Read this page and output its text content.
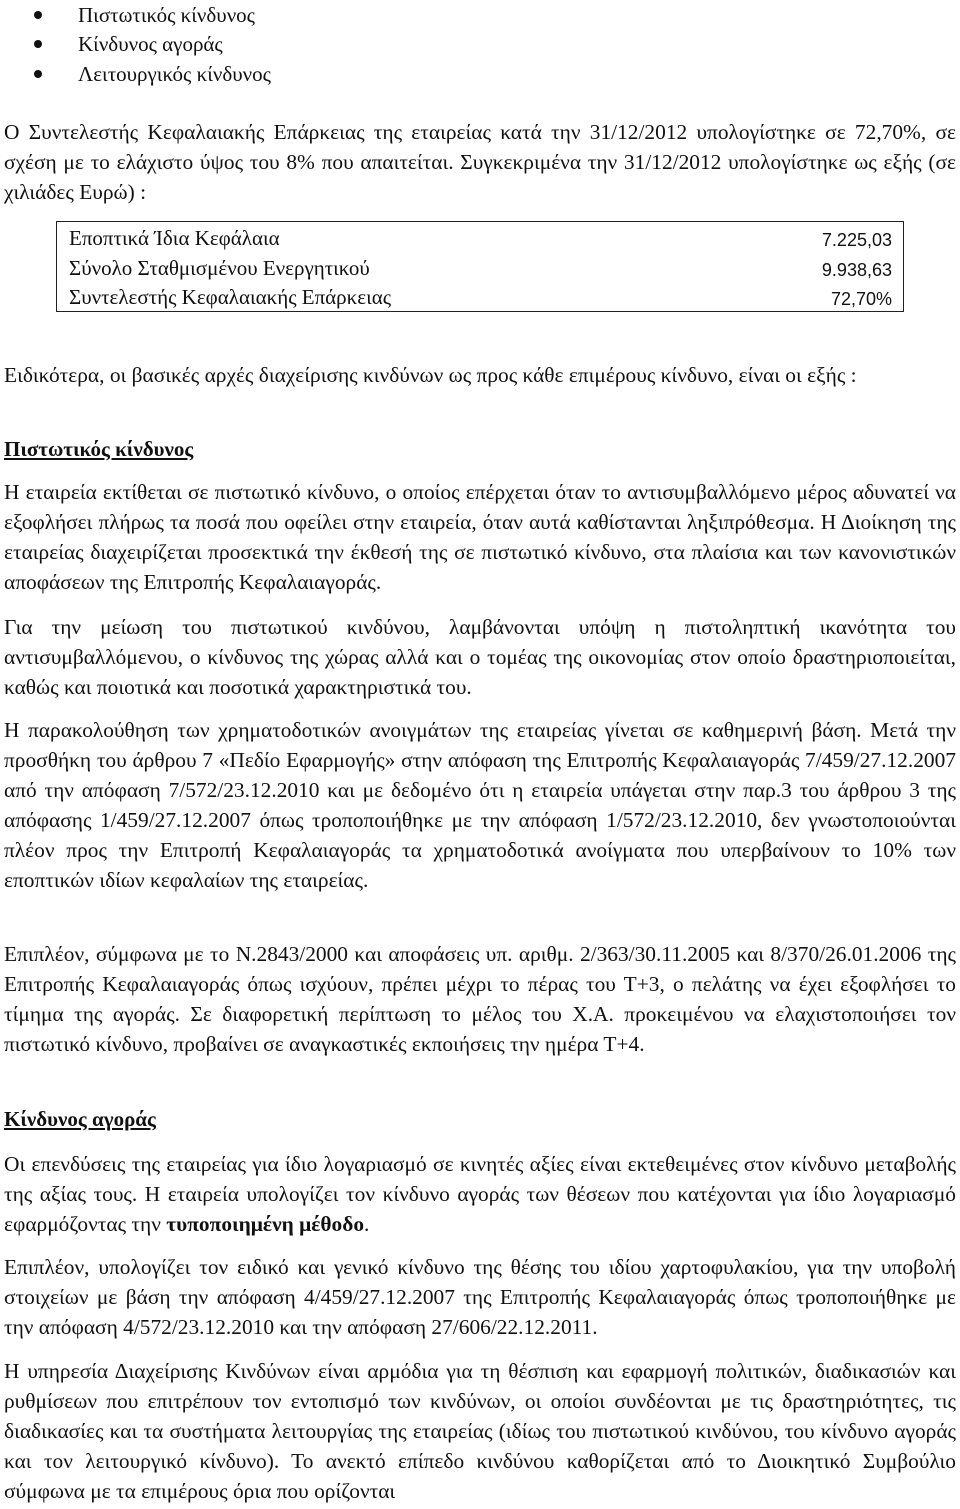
Πιστωτικός κίνδυνος
Κίνδυνος αγοράς
Λειτουργικός κίνδυνος
Ο Συντελεστής Κεφαλαιακής Επάρκειας της εταιρείας κατά την 31/12/2012 υπολογίστηκε σε 72,70%, σε σχέση με το ελάχιστο ύψος του 8% που απαιτείται. Συγκεκριμένα την 31/12/2012 υπολογίστηκε ως εξής (σε χιλιάδες Ευρώ) :
Εποπτικά Ίδια Κεφάλαια	7.225,03
Σύνολο Σταθμισμένου Ενεργητικού	9.938,63
Συντελεστής Κεφαλαιακής Επάρκειας	72,70%
Ειδικότερα, οι βασικές αρχές διαχείρισης κινδύνων ως προς κάθε επιμέρους κίνδυνο, είναι οι εξής :
Πιστωτικός κίνδυνος
Η εταιρεία εκτίθεται σε πιστωτικό κίνδυνο, ο οποίος επέρχεται όταν το αντισυμβαλλόμενο μέρος αδυνατεί να εξοφλήσει πλήρως τα ποσά που οφείλει στην εταιρεία, όταν αυτά καθίστανται ληξιπρόθεσμα. Η Διοίκηση της εταιρείας διαχειρίζεται προσεκτικά την έκθεσή της σε πιστωτικό κίνδυνο, στα πλαίσια και των κανονιστικών αποφάσεων της Επιτροπής Κεφαλαιαγοράς.
Για την μείωση του πιστωτικού κινδύνου, λαμβάνονται υπόψη η πιστοληπτική ικανότητα του αντισυμβαλλόμενου, ο κίνδυνος της χώρας αλλά και ο τομέας της οικονομίας στον οποίο δραστηριοποιείται, καθώς και ποιοτικά και ποσοτικά χαρακτηριστικά του.
Η παρακολούθηση των χρηματοδοτικών ανοιγμάτων της εταιρείας γίνεται σε καθημερινή βάση. Μετά την προσθήκη του άρθρου 7 «Πεδίο Εφαρμογής» στην απόφαση της Επιτροπής Κεφαλαιαγοράς 7/459/27.12.2007 από την απόφαση 7/572/23.12.2010 και με δεδομένο ότι η εταιρεία υπάγεται στην παρ.3 του άρθρου 3 της απόφασης 1/459/27.12.2007 όπως τροποποιήθηκε με την απόφαση 1/572/23.12.2010, δεν γνωστοποιούνται πλέον προς την Επιτροπή Κεφαλαιαγοράς τα χρηματοδοτικά ανοίγματα που υπερβαίνουν το 10% των εποπτικών ιδίων κεφαλαίων της εταιρείας.
Επιπλέον, σύμφωνα με το Ν.2843/2000 και αποφάσεις υπ. αριθμ. 2/363/30.11.2005 και 8/370/26.01.2006 της Επιτροπής Κεφαλαιαγοράς όπως ισχύουν, πρέπει μέχρι το πέρας του Τ+3, ο πελάτης να έχει εξοφλήσει το τίμημα της αγοράς. Σε διαφορετική περίπτωση το μέλος του Χ.Α. προκειμένου να ελαχιστοποιήσει τον πιστωτικό κίνδυνο, προβαίνει σε αναγκαστικές εκποιήσεις την ημέρα Τ+4.
Κίνδυνος αγοράς
Οι επενδύσεις της εταιρείας για ίδιο λογαριασμό σε κινητές αξίες είναι εκτεθειμένες στον κίνδυνο μεταβολής της αξίας τους. Η εταιρεία υπολογίζει τον κίνδυνο αγοράς των θέσεων που κατέχονται για ίδιο λογαριασμό εφαρμόζοντας την τυποποιημένη μέθοδο.
Επιπλέον, υπολογίζει τον ειδικό και γενικό κίνδυνο της θέσης του ιδίου χαρτοφυλακίου, για την υποβολή στοιχείων με βάση την απόφαση 4/459/27.12.2007 της Επιτροπής Κεφαλαιαγοράς όπως τροποποιήθηκε με την απόφαση 4/572/23.12.2010 και την απόφαση 27/606/22.12.2011.
Η υπηρεσία Διαχείρισης Κινδύνων είναι αρμόδια για τη θέσπιση και εφαρμογή πολιτικών, διαδικασιών και ρυθμίσεων που επιτρέπουν τον εντοπισμό των κινδύνων, οι οποίοι συνδέονται με τις δραστηριότητες, τις διαδικασίες και τα συστήματα λειτουργίας της εταιρείας (ιδίως του πιστωτικού κινδύνου, του κίνδυνο αγοράς και τον λειτουργικό κίνδυνο). Το ανεκτό επίπεδο κινδύνου καθορίζεται από το Διοικητικό Συμβούλιο σύμφωνα με τα επιμέρους όρια που ορίζονται
